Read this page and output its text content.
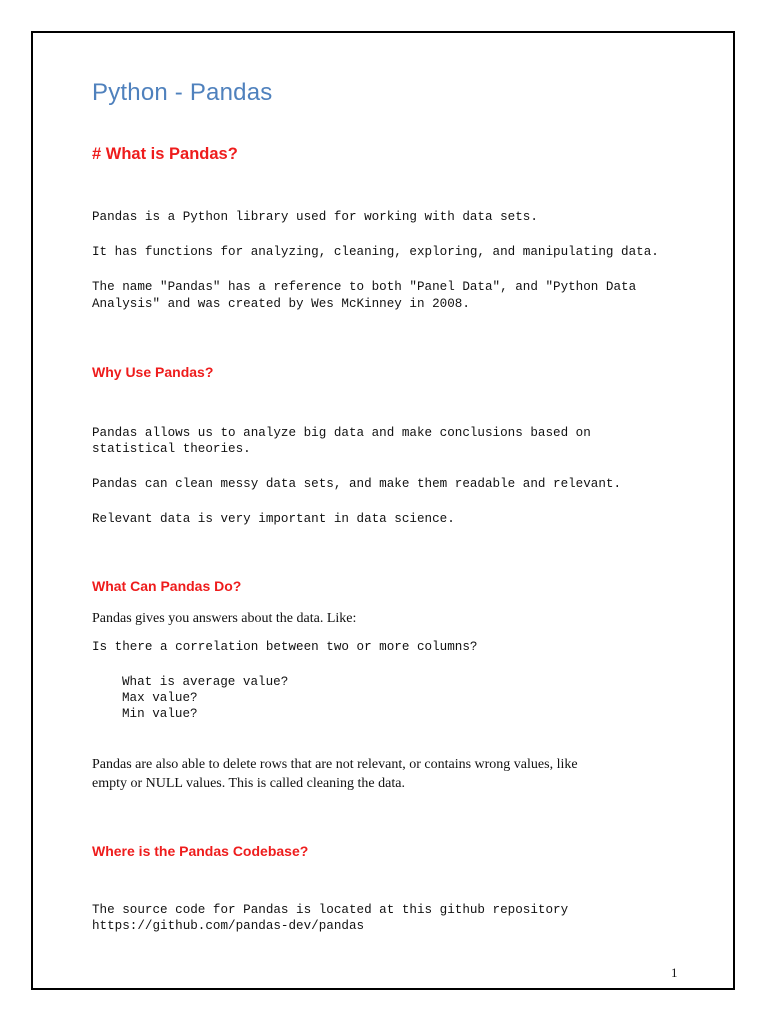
Python - Pandas
# What is Pandas?

Pandas is a Python library used for working with data sets.

It has functions for analyzing, cleaning, exploring, and manipulating data.

The name "Pandas" has a reference to both "Panel Data", and "Python Data

Analysis" and was created by Wes McKinney in 2008.

Why Use Pandas?

Pandas allows us to analyze big data and make conclusions based on

statistical theories.

Pandas can clean messy data sets, and make them readable and relevant.

Relevant data is very important in data science.

What Can Pandas Do?

Pandas gives you answers about the data. Like:

Is there a correlation between two or more columns?

What is average value?

Max value?

Min value?

Pandas are also able to delete rows that are not relevant, or contains wrong values, like

empty or NULL values. This is called cleaning the data.

Where is the Pandas Codebase?

The source code for Pandas is located at this github repository

https://github.com/pandas-dev/pandas

1
